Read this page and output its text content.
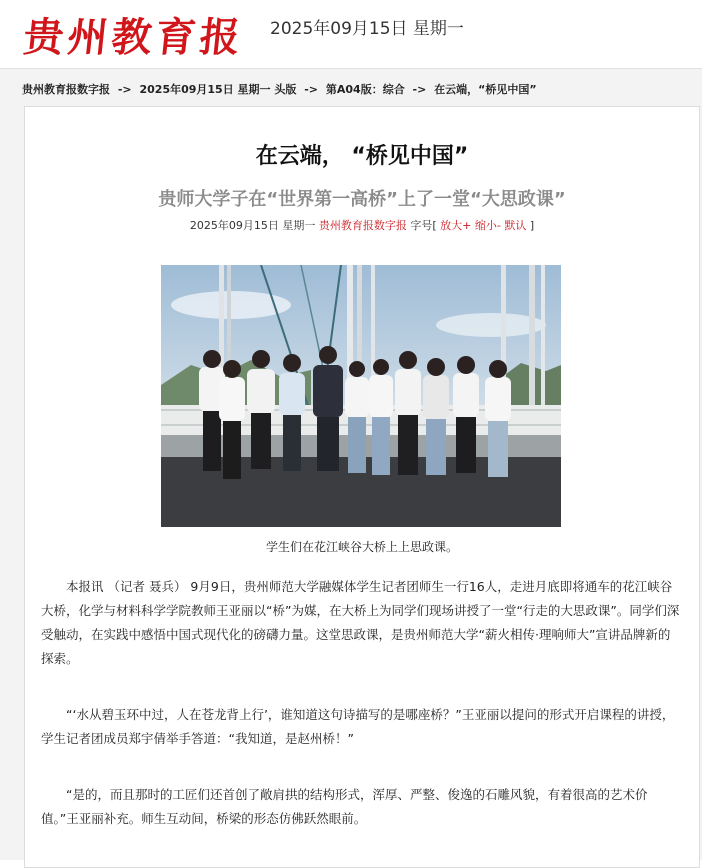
贵州教育报 2025年09月15日 星期一
贵州教育报数字报 -> 2025年09月15日 星期一 头版 -> 第A04版：综合 -> 在云端，“桥见中国”
在云端， “桥见中国”
贵师大学子在“世界第一高桥”上了一堂“大思政课”
2025年09月15日 星期一 贵州教育报数字报 字号[ 放大+ 缩小- 默认 ]
学生们在花江峡谷大桥上上思政课。

本报讯 （记者 聂兵） 9月9日，贵州师范大学融媒体学生记者团师生一行16人，走进月底即将通车的花江峡谷大桥，化学与材料科学学院教师王亚丽以“桥”为媒，在大桥上为同学们现场讲授了一堂“行走的大思政课”。同学们深受触动，在实践中感悟中国式现代化的磅礴力量。这堂思政课，是贵州师范大学“薪火相传·理响师大”宣讲品牌新的探索。

“‘水从碧玉环中过，人在苍龙背上行’，谁知道这句诗描写的是哪座桥？”王亚丽以提问的形式开启课程的讲授，学生记者团成员郑宇倩举手答道：“我知道，是赵州桥！”

“是的，而且那时的工匠们还首创了敞肩拱的结构形式，浑厚、严整、俊逸的石雕风貌，有着很高的艺术价值。”王亚丽补充。师生互动间，桥梁的形态仿佛跃然眼前。
